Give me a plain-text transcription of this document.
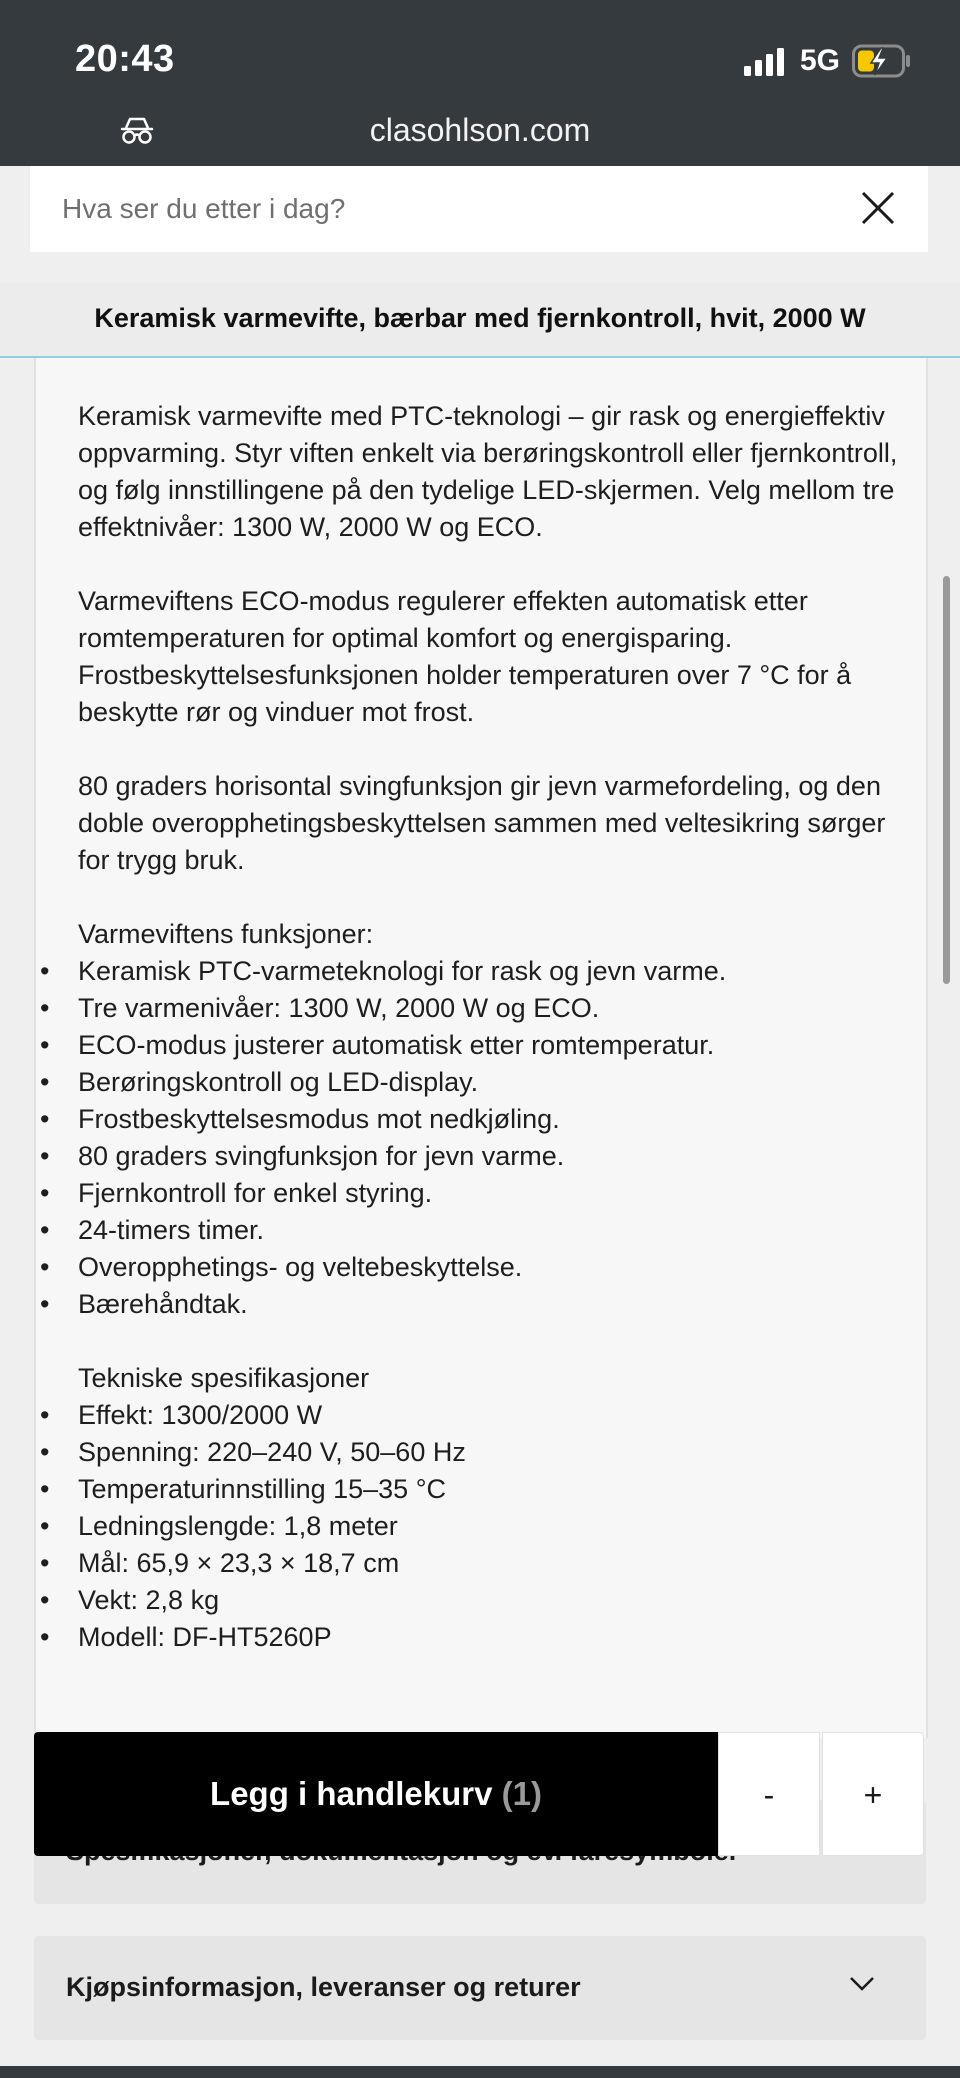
20:43	5G
clasohlson.com
Hva ser du etter i dag?
Keramisk varmevifte, bærbar med fjernkontroll, hvit, 2000 W

Keramisk varmevifte med PTC-teknologi – gir rask og energieffektiv oppvarming. Styr viften enkelt via berøringskontroll eller fjernkontroll, og følg innstillingene på den tydelige LED-skjermen. Velg mellom tre effektnivåer: 1300 W, 2000 W og ECO.

Varmeviftens ECO-modus regulerer effekten automatisk etter romtemperaturen for optimal komfort og energisparing. Frostbeskyttelsesfunksjonen holder temperaturen over 7 °C for å beskytte rør og vinduer mot frost.

80 graders horisontal svingfunksjon gir jevn varmefordeling, og den doble overopphetingsbeskyttelsen sammen med veltesikring sørger for trygg bruk.

Varmeviftens funksjoner:
• Keramisk PTC-varmeteknologi for rask og jevn varme.
• Tre varmenivåer: 1300 W, 2000 W og ECO.
• ECO-modus justerer automatisk etter romtemperatur.
• Berøringskontroll og LED-display.
• Frostbeskyttelsesmodus mot nedkjøling.
• 80 graders svingfunksjon for jevn varme.
• Fjernkontroll for enkel styring.
• 24-timers timer.
• Overopphetings- og veltebeskyttelse.
• Bærehåndtak.
Tekniske spesifikasjoner
• Effekt: 1300/2000 W
• Spenning: 220–240 V, 50–60 Hz
• Temperaturinnstilling 15–35 °C
• Ledningslengde: 1,8 meter
• Mål: 65,9 × 23,3 × 18,7 cm
• Vekt: 2,8 kg
• Modell: DF-HT5260P
Kjøpsinformasjon, leveranser og returer
Legg i handlekurv (1)	-	+
